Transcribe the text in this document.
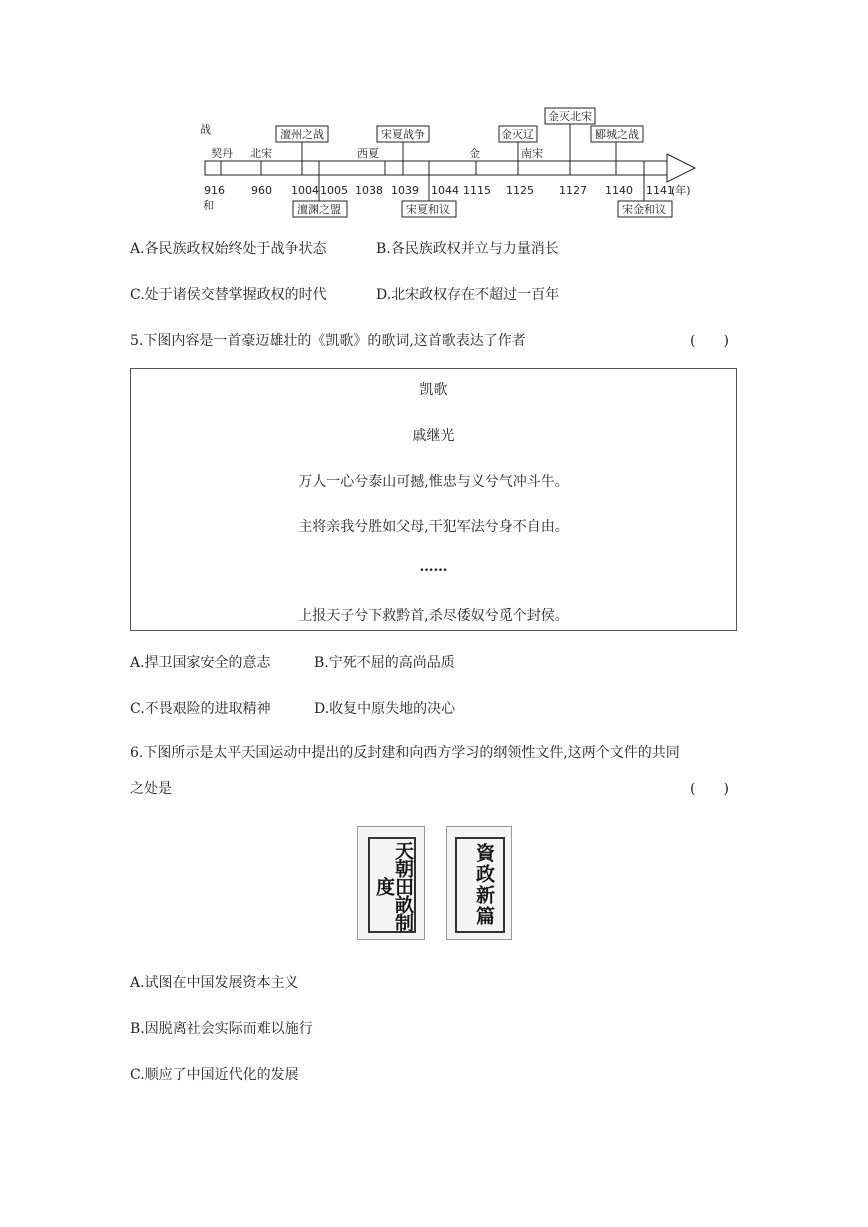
战
和
契丹 北宋	西夏	金	南宋
916 960 1004 1005 1038 1039 1044 1115 1125 1127 1140 1141
(年)
澶州之战	宋夏战争	金灭辽
金灭北宋
郾城之战
澶渊之盟	宋夏和议	宋金和议
A.各民族政权始终处于战争状态	B.各民族政权并立与力量消长
C.处于诸侯交替掌握政权的时代	D.北宋政权存在不超过一百年
5.下图内容是一首豪迈雄壮的《凯歌》的歌词,这首歌表达了作者	(　　)
凯歌
戚继光
万人一心兮泰山可撼,惟忠与义兮气冲斗牛。
主将亲我兮胜如父母,干犯军法兮身不自由。
……
上报天子兮下救黔首,杀尽倭奴兮觅个封侯。
A.捍卫国家安全的意志	B.宁死不屈的高尚品质
C.不畏艰险的进取精神	D.收复中原失地的决心
6.下图所示是太平天国运动中提出的反封建和向西方学习的纲领性文件,这两个文件的共同
之处是	(　　)
天朝田畝制度	資政新篇
A.试图在中国发展资本主义
B.因脱离社会实际而难以施行
C.顺应了中国近代化的发展
